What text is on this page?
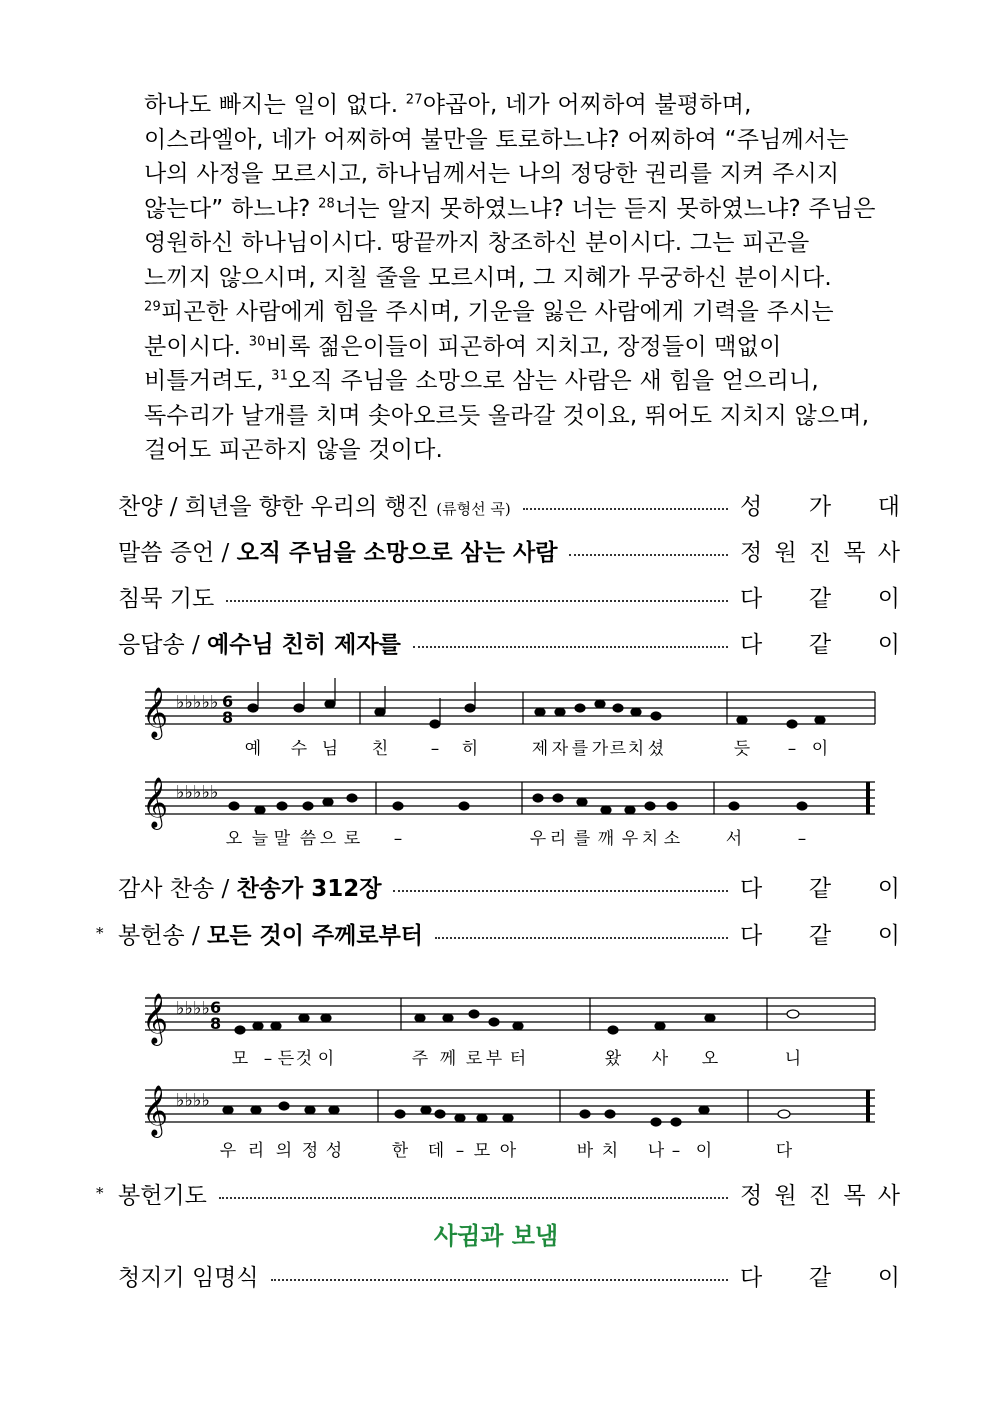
하나도 빠지는 일이 없다. $^{27}$야곱아, 네가 어찌하여 불평하며,
이스라엘아, 네가 어찌하여 불만을 토로하느냐? 어찌하여 “주님께서는
나의 사정을 모르시고, 하나님께서는 나의 정당한 권리를 지켜 주시지
않는다” 하느냐? $^{28}$너는 알지 못하였느냐? 너는 듣지 못하였느냐? 주님은
영원하신 하나님이시다. 땅끝까지 창조하신 분이시다. 그는 피곤을
느끼지 않으시며, 지칠 줄을 모르시며, 그 지혜가 무궁하신 분이시다.
$^{29}$피곤한 사람에게 힘을 주시며, 기운을 잃은 사람에게 기력을 주시는
분이시다. $^{30}$비록 젊은이들이 피곤하여 지치고, 장정들이 맥없이
비틀거려도, $^{31}$오직 주님을 소망으로 삼는 사람은 새 힘을 얻으리니,
독수리가 날개를 치며 솟아오르듯 올라갈 것이요, 뛰어도 지치지 않으며,
걸어도 피곤하지 않을 것이다.
찬양 / 희년을 향한 우리의 행진 (류형선 곡)	성 가 대
말씀 증언 / 오직 주님을 소망으로 삼는 사람	정 원 진 목 사
침묵 기도	다 같 이
응답송 / 예수님 친히 제자를	다 같 이
𝄞 ♭♭♭♭♭ 6
8
𝄞 ♭♭♭♭♭
예 수 님 친	– 히	제 자 를 가 르 치 셨	듯 – 이
오 늘 말 씀 으 로 –	우 리 를 깨 우 치 소	서	–
감사 찬송 / 찬송가 312장	다 같 이
* 봉헌송 / 모든 것이 주께로부터	다 같 이
𝄞 ♭♭♭♭ 6
8
𝄞 ♭♭♭♭
모 – 든 것 이	주 께 로 부 터	왔 사 오	니
우 리 의 정 성	한 데 – 모 아	바 치 나 – 이	다
* 봉헌기도	정 원 진 목 사
사귐과 보냄
청지기 임명식	다 같 이
